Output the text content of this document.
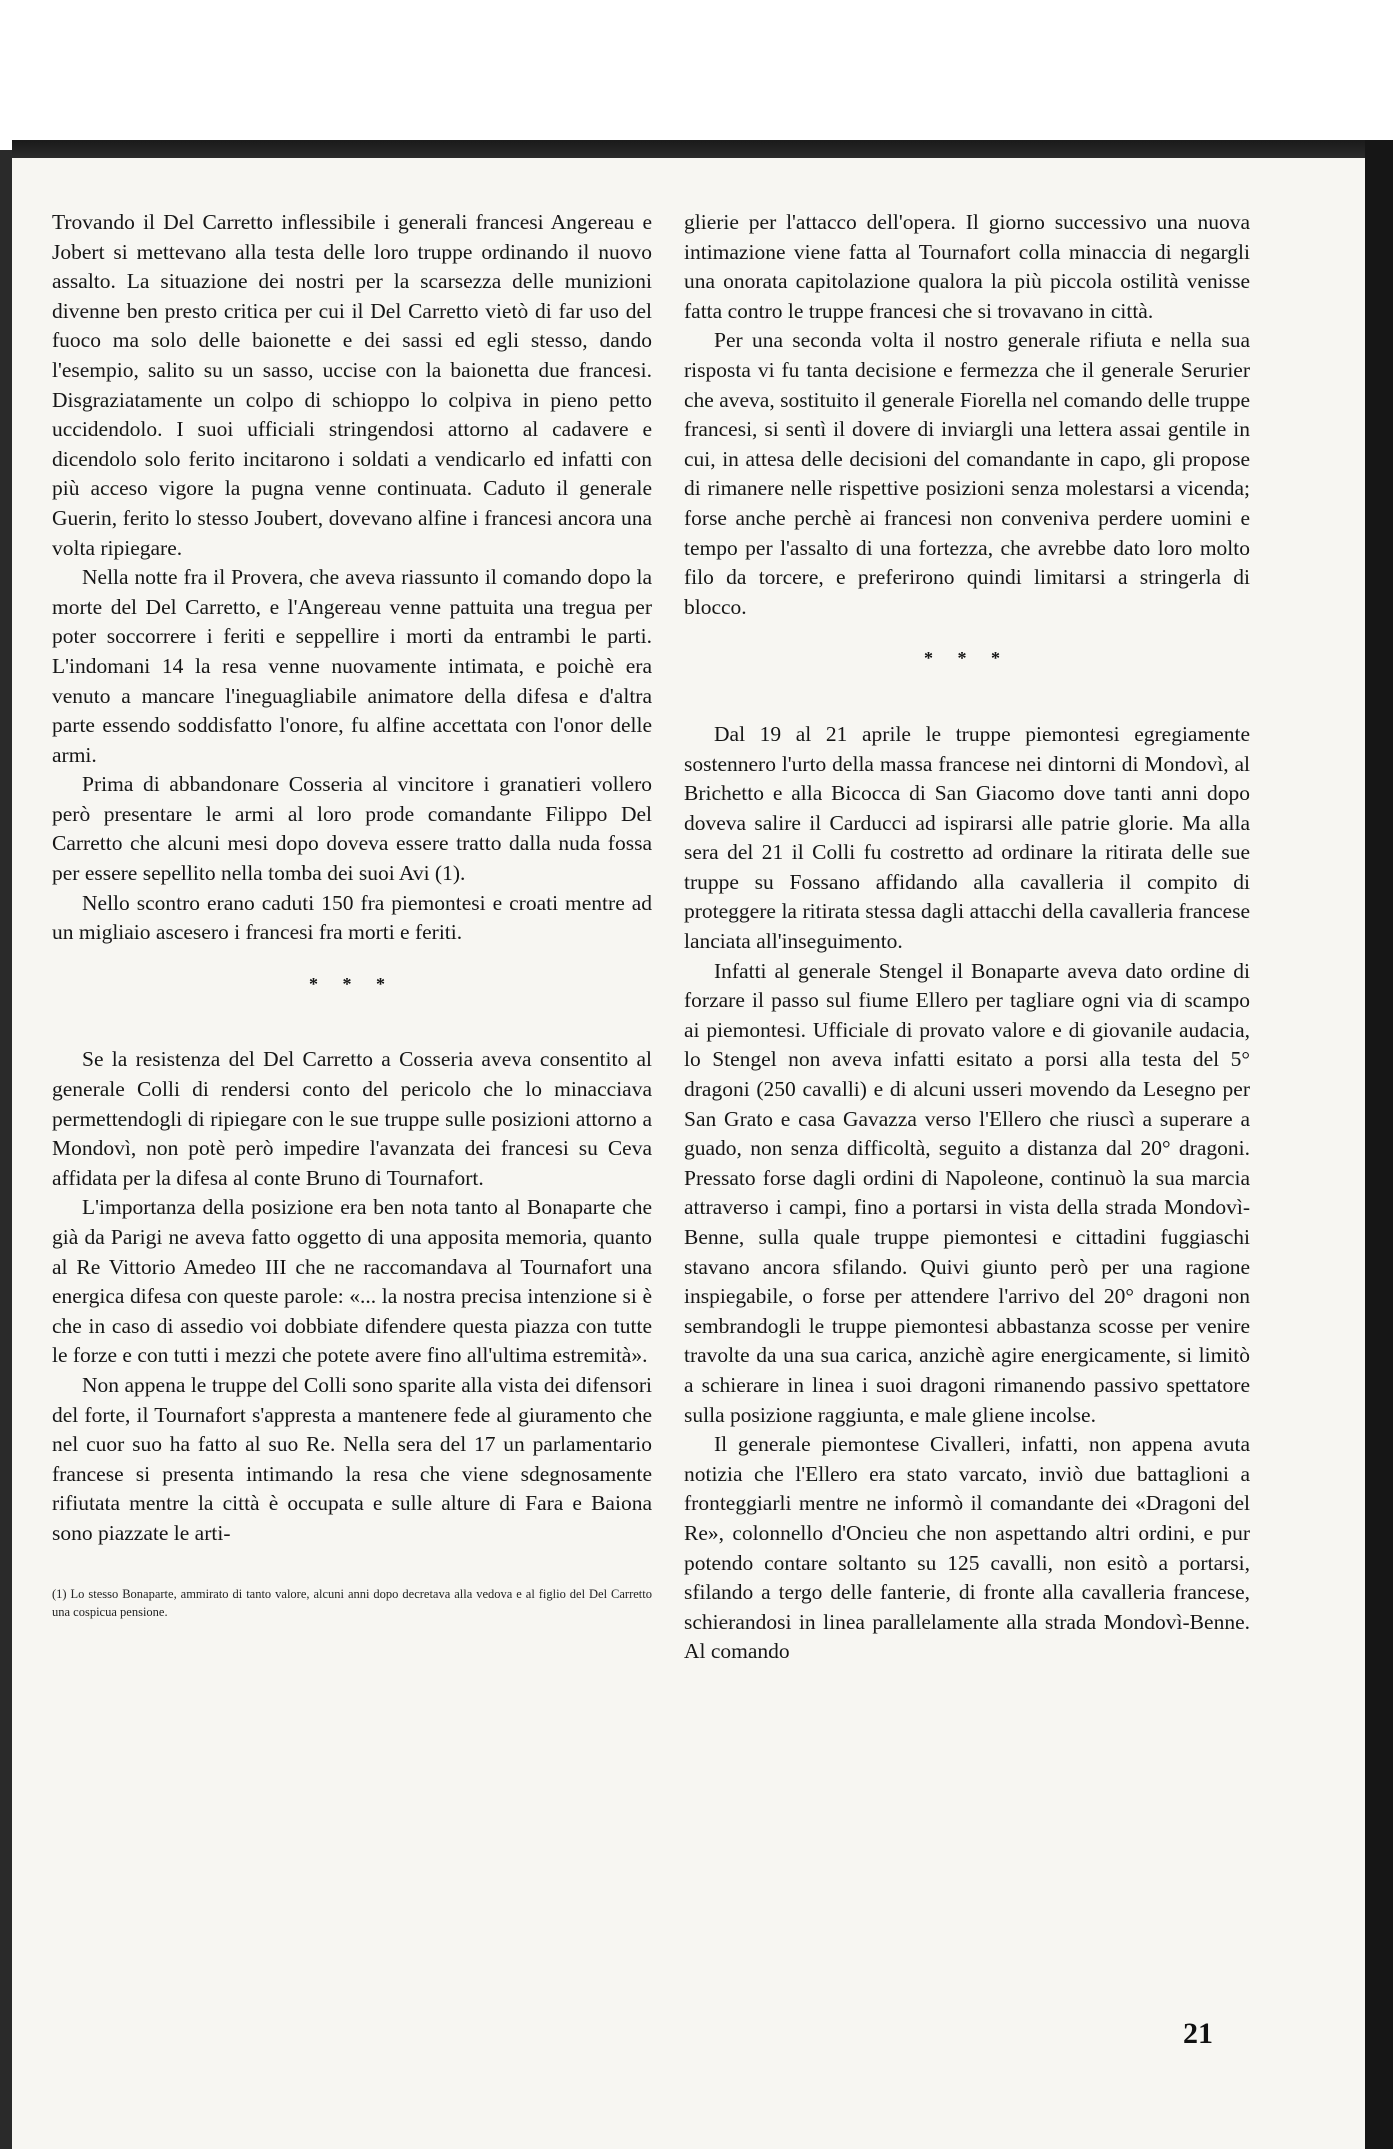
Trovando il Del Carretto inflessibile i generali francesi Angereau e Jobert si mettevano alla testa delle loro truppe ordinando il nuovo assalto. La situazione dei nostri per la scarsezza delle munizioni divenne ben presto critica per cui il Del Carretto vietò di far uso del fuoco ma solo delle baionette e dei sassi ed egli stesso, dando l'esempio, salito su un sasso, uccise con la baionetta due francesi. Disgraziatamente un colpo di schioppo lo colpiva in pieno petto uccidendolo. I suoi ufficiali stringendosi attorno al cadavere e dicendolo solo ferito incitarono i soldati a vendicarlo ed infatti con più acceso vigore la pugna venne continuata. Caduto il generale Guerin, ferito lo stesso Joubert, dovevano alfine i francesi ancora una volta ripiegare.

Nella notte fra il Provera, che aveva riassunto il comando dopo la morte del Del Carretto, e l'Angereau venne pattuita una tregua per poter soccorrere i feriti e seppellire i morti da entrambi le parti. L'indomani 14 la resa venne nuovamente intimata, e poichè era venuto a mancare l'ineguagliabile animatore della difesa e d'altra parte essendo soddisfatto l'onore, fu alfine accettata con l'onor delle armi.

Prima di abbandonare Cosseria al vincitore i granatieri vollero però presentare le armi al loro prode comandante Filippo Del Carretto che alcuni mesi dopo doveva essere tratto dalla nuda fossa per essere sepellito nella tomba dei suoi Avi (1).

Nello scontro erano caduti 150 fra piemontesi e croati mentre ad un migliaio ascesero i francesi fra morti e feriti.

* * *

Se la resistenza del Del Carretto a Cosseria aveva consentito al generale Colli di rendersi conto del pericolo che lo minacciava permettendogli di ripiegare con le sue truppe sulle posizioni attorno a Mondovì, non potè però impedire l'avanzata dei francesi su Ceva affidata per la difesa al conte Bruno di Tournafort.

L'importanza della posizione era ben nota tanto al Bonaparte che già da Parigi ne aveva fatto oggetto di una apposita memoria, quanto al Re Vittorio Amedeo III che ne raccomandava al Tournafort una energica difesa con queste parole: «... la nostra precisa intenzione si è che in caso di assedio voi dobbiate difendere questa piazza con tutte le forze e con tutti i mezzi che potete avere fino all'ultima estremità».

Non appena le truppe del Colli sono sparite alla vista dei difensori del forte, il Tournafort s'appresta a mantenere fede al giuramento che nel cuor suo ha fatto al suo Re. Nella sera del 17 un parlamentario francese si presenta intimando la resa che viene sdegnosamente rifiutata mentre la città è occupata e sulle alture di Fara e Baiona sono piazzate le arti-

(1) Lo stesso Bonaparte, ammirato di tanto valore, alcuni anni dopo decretava alla vedova e al figlio del Del Carretto una cospicua pensione.

glierie per l'attacco dell'opera. Il giorno successivo una nuova intimazione viene fatta al Tournafort colla minaccia di negargli una onorata capitolazione qualora la più piccola ostilità venisse fatta contro le truppe francesi che si trovavano in città.

Per una seconda volta il nostro generale rifiuta e nella sua risposta vi fu tanta decisione e fermezza che il generale Serurier che aveva, sostituito il generale Fiorella nel comando delle truppe francesi, si sentì il dovere di inviargli una lettera assai gentile in cui, in attesa delle decisioni del comandante in capo, gli propose di rimanere nelle rispettive posizioni senza molestarsi a vicenda; forse anche perchè ai francesi non conveniva perdere uomini e tempo per l'assalto di una fortezza, che avrebbe dato loro molto filo da torcere, e preferirono quindi limitarsi a stringerla di blocco.

* * *

Dal 19 al 21 aprile le truppe piemontesi egregiamente sostennero l'urto della massa francese nei dintorni di Mondovì, al Brichetto e alla Bicocca di San Giacomo dove tanti anni dopo doveva salire il Carducci ad ispirarsi alle patrie glorie. Ma alla sera del 21 il Colli fu costretto ad ordinare la ritirata delle sue truppe su Fossano affidando alla cavalleria il compito di proteggere la ritirata stessa dagli attacchi della cavalleria francese lanciata all'inseguimento.

Infatti al generale Stengel il Bonaparte aveva dato ordine di forzare il passo sul fiume Ellero per tagliare ogni via di scampo ai piemontesi. Ufficiale di provato valore e di giovanile audacia, lo Stengel non aveva infatti esitato a porsi alla testa del 5° dragoni (250 cavalli) e di alcuni usseri movendo da Lesegno per San Grato e casa Gavazza verso l'Ellero che riuscì a superare a guado, non senza difficoltà, seguito a distanza dal 20° dragoni. Pressato forse dagli ordini di Napoleone, continuò la sua marcia attraverso i campi, fino a portarsi in vista della strada Mondovì-Benne, sulla quale truppe piemontesi e cittadini fuggiaschi stavano ancora sfilando. Quivi giunto però per una ragione inspiegabile, o forse per attendere l'arrivo del 20° dragoni non sembrandogli le truppe piemontesi abbastanza scosse per venire travolte da una sua carica, anzichè agire energicamente, si limitò a schierare in linea i suoi dragoni rimanendo passivo spettatore sulla posizione raggiunta, e male gliene incolse.

Il generale piemontese Civalleri, infatti, non appena avuta notizia che l'Ellero era stato varcato, inviò due battaglioni a fronteggiarli mentre ne informò il comandante dei «Dragoni del Re», colonnello d'Oncieu che non aspettando altri ordini, e pur potendo contare soltanto su 125 cavalli, non esitò a portarsi, sfilando a tergo delle fanterie, di fronte alla cavalleria francese, schierandosi in linea parallelamente alla strada Mondovì-Benne. Al comando

21
